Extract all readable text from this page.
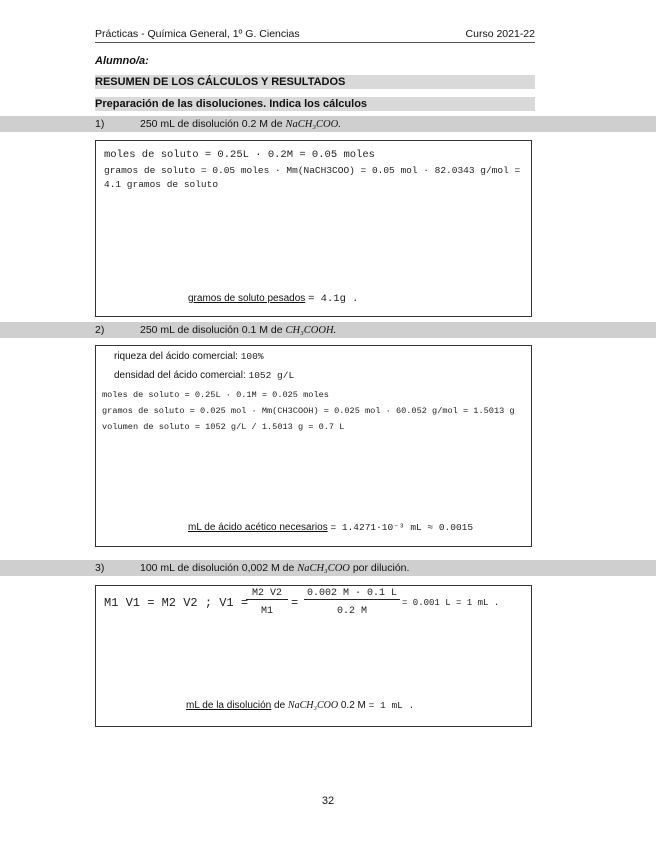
Prácticas - Química General, 1º G. Ciencias	Curso 2021-22
Alumno/a:
RESUMEN DE LOS CÁLCULOS Y RESULTADOS
Preparación de las disoluciones. Indica los cálculos
1)	250 mL de disolución 0.2 M de NaCH₃COO.
moles de soluto = 0.25L · 0.2M = 0.05 moles
gramos de soluto = 0.05 moles · Mm(NaCH3COO) = 0.05 mol · 82.0343 g/mol =
4.1 gramos de soluto
gramos de soluto pesados = 4.1g .
2)	250 mL de disolución 0.1 M de CH₃COOH.
riqueza del ácido comercial: 100%
densidad del ácido comercial: 1052 g/L
moles de soluto = 0.25L · 0.1M = 0.025 moles
gramos de soluto = 0.025 mol · Mm(CH3COOH) = 0.025 mol · 60.052 g/mol = 1.5013 g
volumen de soluto = 1052 g/L / 1.5013 g = 0.7 L
mL de ácido acético necesarios = 1.4271·10⁻³ mL ≈ 0.0015
3)	100 mL de disolución 0,002 M de NaCH₃COO por dilución.
M1 V1 = M2 V2 ; V1 =
M2 V2
M1
=
0.002 M · 0.1 L
0.2 M
= 0.001 L = 1 mL .
mL de la disolución de NaCH₃COO 0.2 M = 1 mL .
32
